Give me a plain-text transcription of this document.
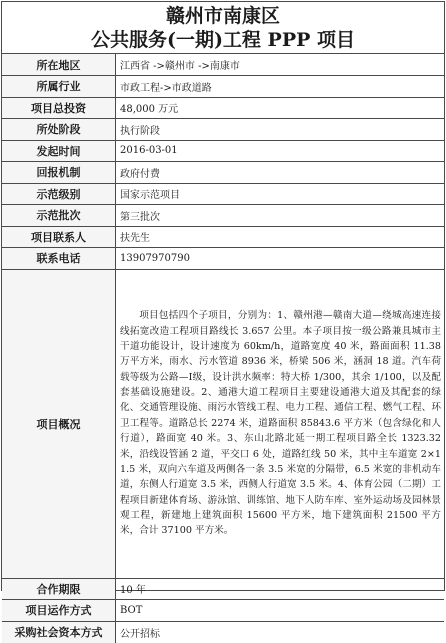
赣州市南康区
公共服务(一期)工程 PPP 项目
所在地区	江西省 ->赣州市 ->南康市
所属行业	市政工程->市政道路
项目总投资	48,000 万元
所处阶段	执行阶段
发起时间	2016-03-01
回报机制	政府付费
示范级别	国家示范项目
示范批次	第三批次
项目联系人	扶先生
联系电话	13907970790
项目概况	项目包括四个子项目，分别为：1、赣州港—赣南大道—绕城高速连接线拓宽改造工程项目路线长 3.657 公里。本子项目按一级公路兼具城市主干道功能设计，设计速度为 60km/h，道路宽度 40 米，路面面积 11.38 万平方米，雨水、污水管道 8936 米，桥梁 506 米，涵洞 18 道。汽车荷载等级为公路—Ⅰ级，设计洪水频率：特大桥 1/300，其余 1/100，以及配套基础设施建设。2、通港大道工程项目主要建设通港大道及其配套的绿化、交通管理设施、雨污水管线工程、电力工程、通信工程、燃气工程、环卫工程等。道路总长 2274 米，道路面积 85843.6 平方米（包含绿化和人行道），路面宽 40 米。3、东山北路北延一期工程项目路全长 1323.32 米，沿线设管涵 2 道，平交口 6 处，道路红线 50 米，其中主车道宽 2×11.5 米，双向六车道及两侧各一条 3.5 米宽的分隔带，6.5 米宽的非机动车道，东侧人行道宽 3.5 米，西侧人行道宽 3.5 米。4、体育公园（二期）工程项目新建体育场、游泳馆、训练馆、地下人防车库、室外运动场及园林景观工程，新建地上建筑面积 15600 平方米，地下建筑面积 21500 平方米，合计 37100 平方米。
合作期限	10 年
项目运作方式	BOT
采购社会资本方式	公开招标
